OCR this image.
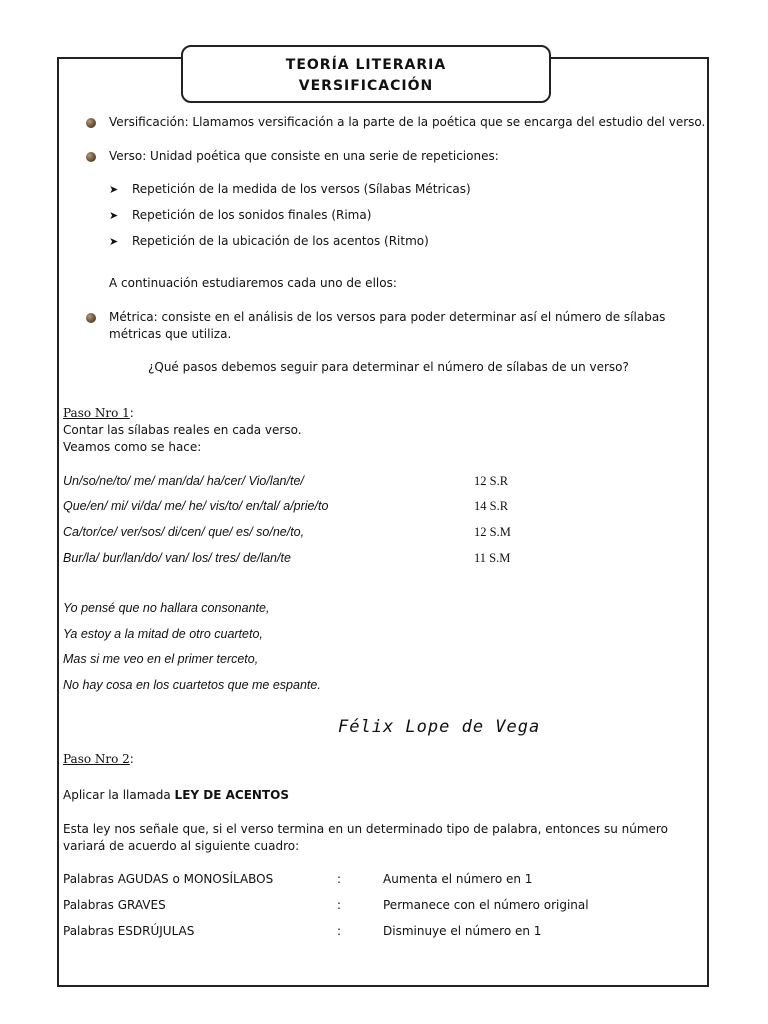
TEORÍA LITERARIA
VERSIFICACIÓN
Versificación: Llamamos versificación a la parte de la poética que se encarga del estudio del verso.
Verso: Unidad poética que consiste en una serie de repeticiones:
➤ Repetición de la medida de los versos (Sílabas Métricas)
➤ Repetición de los sonidos finales (Rima)
➤ Repetición de la ubicación de los acentos (Ritmo)
A continuación estudiaremos cada uno de ellos:
Métrica: consiste en el análisis de los versos para poder determinar así el número de sílabas métricas que utiliza.
¿Qué pasos debemos seguir para determinar el número de sílabas de un verso?
Paso Nro 1:
Contar las sílabas reales en cada verso.
Veamos como se hace:
Un/so/ne/to/ me/ man/da/ ha/cer/ Vio/lan/te/	12 S.R
Que/en/ mi/ vi/da/ me/ he/ vis/to/ en/tal/ a/prie/to	14 S.R
Ca/tor/ce/ ver/sos/ di/cen/ que/ es/ so/ne/to,	12 S.M
Bur/la/ bur/lan/do/ van/ los/ tres/ de/lan/te	11 S.M
Yo pensé que no hallara consonante,
Ya estoy a la mitad de otro cuarteto,
Mas si me veo en el primer terceto,
No hay cosa en los cuartetos que me espante.
Félix Lope de Vega
Paso Nro 2:
Aplicar la llamada LEY DE ACENTOS
Esta ley nos señale que, si el verso termina en un determinado tipo de palabra, entonces su número variará de acuerdo al siguiente cuadro:
Palabras AGUDAS o MONOSÍLABOS	:	Aumenta el número en 1
Palabras GRAVES	:	Permanece con el número original
Palabras ESDRÚJULAS	:	Disminuye el número en 1
